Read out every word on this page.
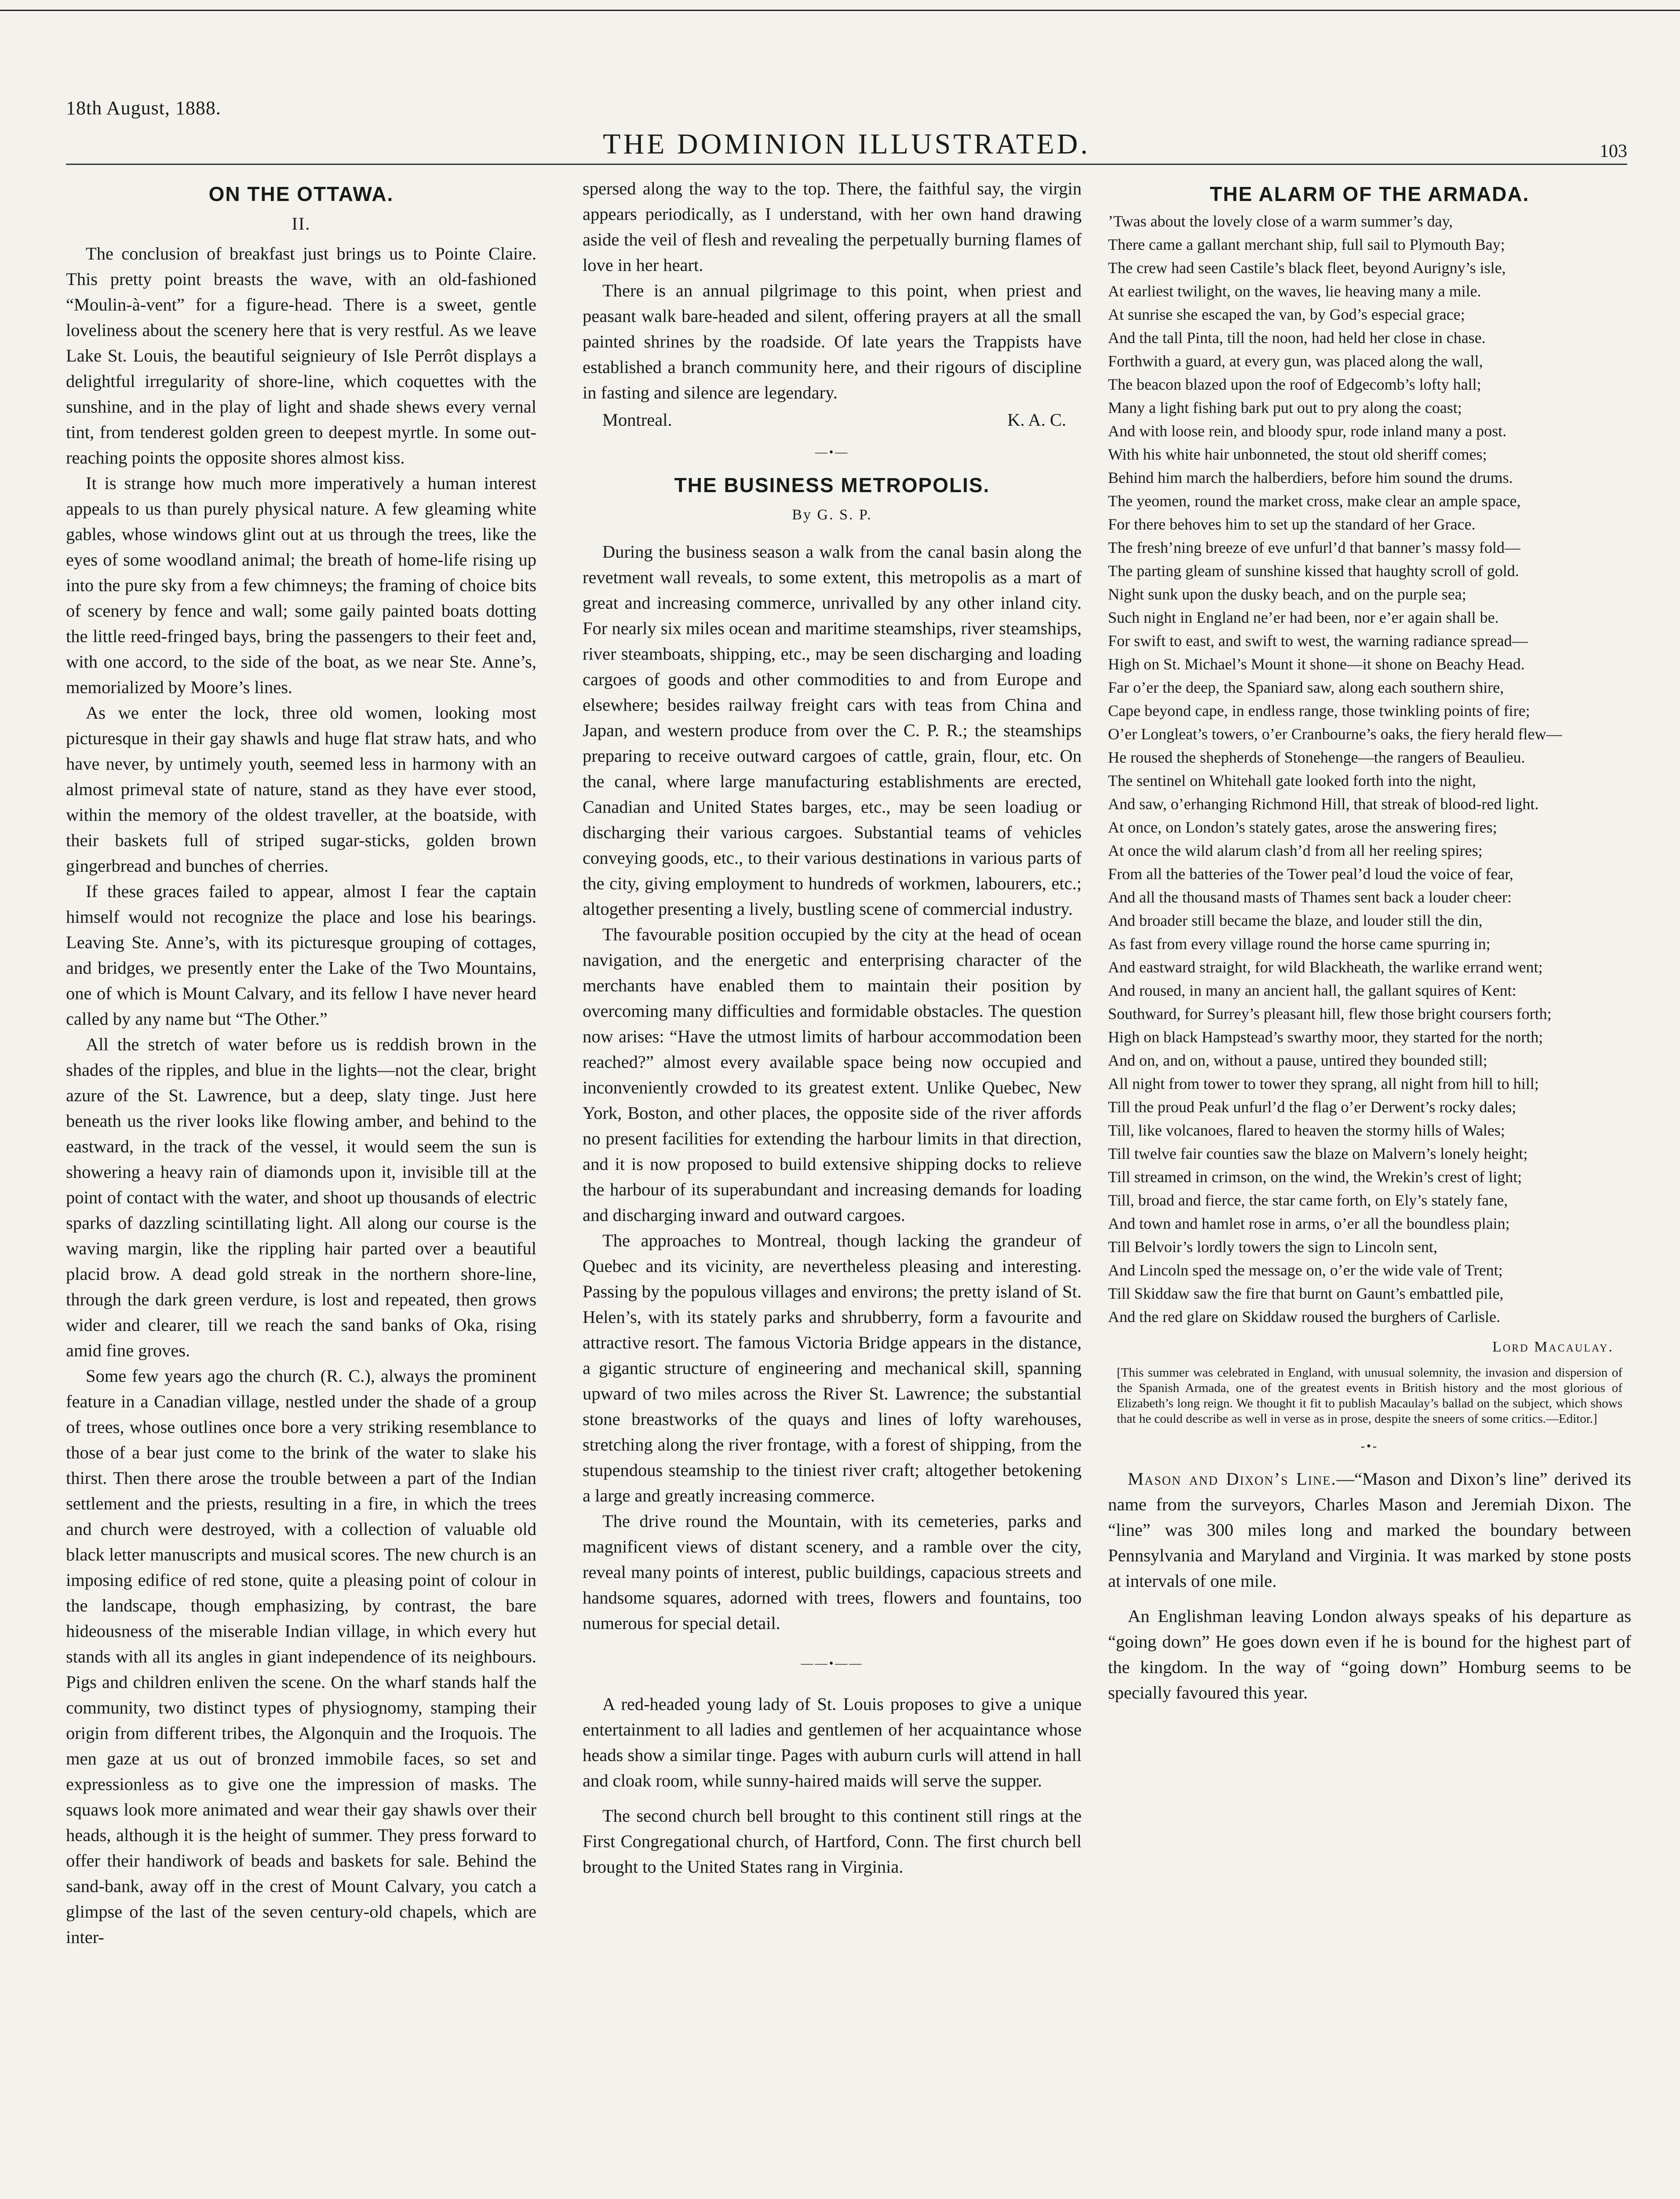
18th August, 1888.
THE DOMINION ILLUSTRATED.	103
ON THE OTTAWA.
II.

The conclusion of breakfast just brings us to Pointe Claire. This pretty point breasts the wave, with an old-fashioned “Moulin-à-vent” for a figure-head. There is a sweet, gentle loveliness about the scenery here that is very restful. As we leave Lake St. Louis, the beautiful seignieury of Isle Perrôt displays a delightful irregularity of shore-line, which coquettes with the sunshine, and in the play of light and shade shews every vernal tint, from tenderest golden green to deepest myrtle. In some out-reaching points the opposite shores almost kiss.

It is strange how much more imperatively a human interest appeals to us than purely physical nature. A few gleaming white gables, whose windows glint out at us through the trees, like the eyes of some woodland animal; the breath of home-life rising up into the pure sky from a few chimneys; the framing of choice bits of scenery by fence and wall; some gaily painted boats dotting the little reed-fringed bays, bring the passengers to their feet and, with one accord, to the side of the boat, as we near Ste. Anne’s, memorialized by Moore’s lines.

As we enter the lock, three old women, looking most picturesque in their gay shawls and huge flat straw hats, and who have never, by untimely youth, seemed less in harmony with an almost primeval state of nature, stand as they have ever stood, within the memory of the oldest traveller, at the boatside, with their baskets full of striped sugar-sticks, golden brown gingerbread and bunches of cherries.

If these graces failed to appear, almost I fear the captain himself would not recognize the place and lose his bearings. Leaving Ste. Anne’s, with its picturesque grouping of cottages, and bridges, we presently enter the Lake of the Two Mountains, one of which is Mount Calvary, and its fellow I have never heard called by any name but “The Other.”

All the stretch of water before us is reddish brown in the shades of the ripples, and blue in the lights—not the clear, bright azure of the St. Lawrence, but a deep, slaty tinge. Just here beneath us the river looks like flowing amber, and behind to the eastward, in the track of the vessel, it would seem the sun is showering a heavy rain of diamonds upon it, invisible till at the point of contact with the water, and shoot up thousands of electric sparks of dazzling scintillating light. All along our course is the waving margin, like the rippling hair parted over a beautiful placid brow. A dead gold streak in the northern shore-line, through the dark green verdure, is lost and repeated, then grows wider and clearer, till we reach the sand banks of Oka, rising amid fine groves.

Some few years ago the church (R. C.), always the prominent feature in a Canadian village, nestled under the shade of a group of trees, whose outlines once bore a very striking resemblance to those of a bear just come to the brink of the water to slake his thirst. Then there arose the trouble between a part of the Indian settlement and the priests, resulting in a fire, in which the trees and church were destroyed, with a collection of valuable old black letter manuscripts and musical scores. The new church is an imposing edifice of red stone, quite a pleasing point of colour in the landscape, though emphasizing, by contrast, the bare hideousness of the miserable Indian village, in which every hut stands with all its angles in giant independence of its neighbours. Pigs and children enliven the scene. On the wharf stands half the community, two distinct types of physiognomy, stamping their origin from different tribes, the Algonquin and the Iroquois. The men gaze at us out of bronzed immobile faces, so set and expressionless as to give one the impression of masks. The squaws look more animated and wear their gay shawls over their heads, although it is the height of summer. They press forward to offer their handiwork of beads and baskets for sale. Behind the sand-bank, away off in the crest of Mount Calvary, you catch a glimpse of the last of the seven century-old chapels, which are inter-

spersed along the way to the top. There, the faithful say, the virgin appears periodically, as I understand, with her own hand drawing aside the veil of flesh and revealing the perpetually burning flames of love in her heart.

There is an annual pilgrimage to this point, when priest and peasant walk bare-headed and silent, offering prayers at all the small painted shrines by the roadside. Of late years the Trappists have established a branch community here, and their rigours of discipline in fasting and silence are legendary.

Montreal.	K. A. C.
—•—
THE BUSINESS METROPOLIS.
By G. S. P.

During the business season a walk from the canal basin along the revetment wall reveals, to some extent, this metropolis as a mart of great and increasing commerce, unrivalled by any other inland city. For nearly six miles ocean and maritime steamships, river steamships, river steamboats, shipping, etc., may be seen discharging and loading cargoes of goods and other commodities to and from Europe and elsewhere; besides railway freight cars with teas from China and Japan, and western produce from over the C. P. R.; the steamships preparing to receive outward cargoes of cattle, grain, flour, etc. On the canal, where large manufacturing establishments are erected, Canadian and United States barges, etc., may be seen loadiug or discharging their various cargoes. Substantial teams of vehicles conveying goods, etc., to their various destinations in various parts of the city, giving employment to hundreds of workmen, labourers, etc.; altogether presenting a lively, bustling scene of commercial industry.

The favourable position occupied by the city at the head of ocean navigation, and the energetic and enterprising character of the merchants have enabled them to maintain their position by overcoming many difficulties and formidable obstacles. The question now arises: “Have the utmost limits of harbour accommodation been reached?” almost every available space being now occupied and inconveniently crowded to its greatest extent. Unlike Quebec, New York, Boston, and other places, the opposite side of the river affords no present facilities for extending the harbour limits in that direction, and it is now proposed to build extensive shipping docks to relieve the harbour of its superabundant and increasing demands for loading and discharging inward and outward cargoes.

The approaches to Montreal, though lacking the grandeur of Quebec and its vicinity, are nevertheless pleasing and interesting. Passing by the populous villages and environs; the pretty island of St. Helen’s, with its stately parks and shrubberry, form a favourite and attractive resort. The famous Victoria Bridge appears in the distance, a gigantic structure of engineering and mechanical skill, spanning upward of two miles across the River St. Lawrence; the substantial stone breastworks of the quays and lines of lofty warehouses, stretching along the river frontage, with a forest of shipping, from the stupendous steamship to the tiniest river craft; altogether betokening a large and greatly increasing commerce.

The drive round the Mountain, with its cemeteries, parks and magnificent views of distant scenery, and a ramble over the city, reveal many points of interest, public buildings, capacious streets and handsome squares, adorned with trees, flowers and fountains, too numerous for special detail.

——•——

A red-headed young lady of St. Louis proposes to give a unique entertainment to all ladies and gentlemen of her acquaintance whose heads show a similar tinge. Pages with auburn curls will attend in hall and cloak room, while sunny-haired maids will serve the supper.

The second church bell brought to this continent still rings at the First Congregational church, of Hartford, Conn. The first church bell brought to the United States rang in Virginia.

THE ALARM OF THE ARMADA.
’Twas about the lovely close of a warm summer’s day,
There came a gallant merchant ship, full sail to Plymouth Bay;
The crew had seen Castile’s black fleet, beyond Aurigny’s isle,
At earliest twilight, on the waves, lie heaving many a mile.
At sunrise she escaped the van, by God’s especial grace;
And the tall Pinta, till the noon, had held her close in chase.
Forthwith a guard, at every gun, was placed along the wall,
The beacon blazed upon the roof of Edgecomb’s lofty hall;
Many a light fishing bark put out to pry along the coast;
And with loose rein, and bloody spur, rode inland many a post.
With his white hair unbonneted, the stout old sheriff comes;
Behind him march the halberdiers, before him sound the drums.
The yeomen, round the market cross, make clear an ample space,
For there behoves him to set up the standard of her Grace.
The fresh’ning breeze of eve unfurl’d that banner’s massy fold—
The parting gleam of sunshine kissed that haughty scroll of gold.
Night sunk upon the dusky beach, and on the purple sea;
Such night in England ne’er had been, nor e’er again shall be.
For swift to east, and swift to west, the warning radiance spread—
High on St. Michael’s Mount it shone—it shone on Beachy Head.
Far o’er the deep, the Spaniard saw, along each southern shire,
Cape beyond cape, in endless range, those twinkling points of fire;
O’er Longleat’s towers, o’er Cranbourne’s oaks, the fiery herald flew—
He roused the shepherds of Stonehenge—the rangers of Beaulieu.
The sentinel on Whitehall gate looked forth into the night,
And saw, o’erhanging Richmond Hill, that streak of blood-red light.
At once, on London’s stately gates, arose the answering fires;
At once the wild alarum clash’d from all her reeling spires;
From all the batteries of the Tower peal’d loud the voice of fear,
And all the thousand masts of Thames sent back a louder cheer:
And broader still became the blaze, and louder still the din,
As fast from every village round the horse came spurring in;
And eastward straight, for wild Blackheath, the warlike errand went;
And roused, in many an ancient hall, the gallant squires of Kent:
Southward, for Surrey’s pleasant hill, flew those bright coursers forth;
High on black Hampstead’s swarthy moor, they started for the north;
And on, and on, without a pause, untired they bounded still;
All night from tower to tower they sprang, all night from hill to hill;
Till the proud Peak unfurl’d the flag o’er Derwent’s rocky dales;
Till, like volcanoes, flared to heaven the stormy hills of Wales;
Till twelve fair counties saw the blaze on Malvern’s lonely height;
Till streamed in crimson, on the wind, the Wrekin’s crest of light;
Till, broad and fierce, the star came forth, on Ely’s stately fane,
And town and hamlet rose in arms, o’er all the boundless plain;
Till Belvoir’s lordly towers the sign to Lincoln sent,
And Lincoln sped the message on, o’er the wide vale of Trent;
Till Skiddaw saw the fire that burnt on Gaunt’s embattled pile,
And the red glare on Skiddaw roused the burghers of Carlisle.
Lord Macaulay.
[This summer was celebrated in England, with unusual solemnity, the invasion and dispersion of the Spanish Armada, one of the greatest events in British history and the most glorious of Elizabeth’s long reign. We thought it fit to publish Macaulay’s ballad on the subject, which shows that he could describe as well in verse as in prose, despite the sneers of some critics.—Editor.]
-•-

Mason and Dixon’s Line.—“Mason and Dixon’s line” derived its name from the surveyors, Charles Mason and Jeremiah Dixon. The “line” was 300 miles long and marked the boundary between Pennsylvania and Maryland and Virginia. It was marked by stone posts at intervals of one mile.

An Englishman leaving London always speaks of his departure as “going down” He goes down even if he is bound for the highest part of the kingdom. In the way of “going down” Homburg seems to be specially favoured this year.
